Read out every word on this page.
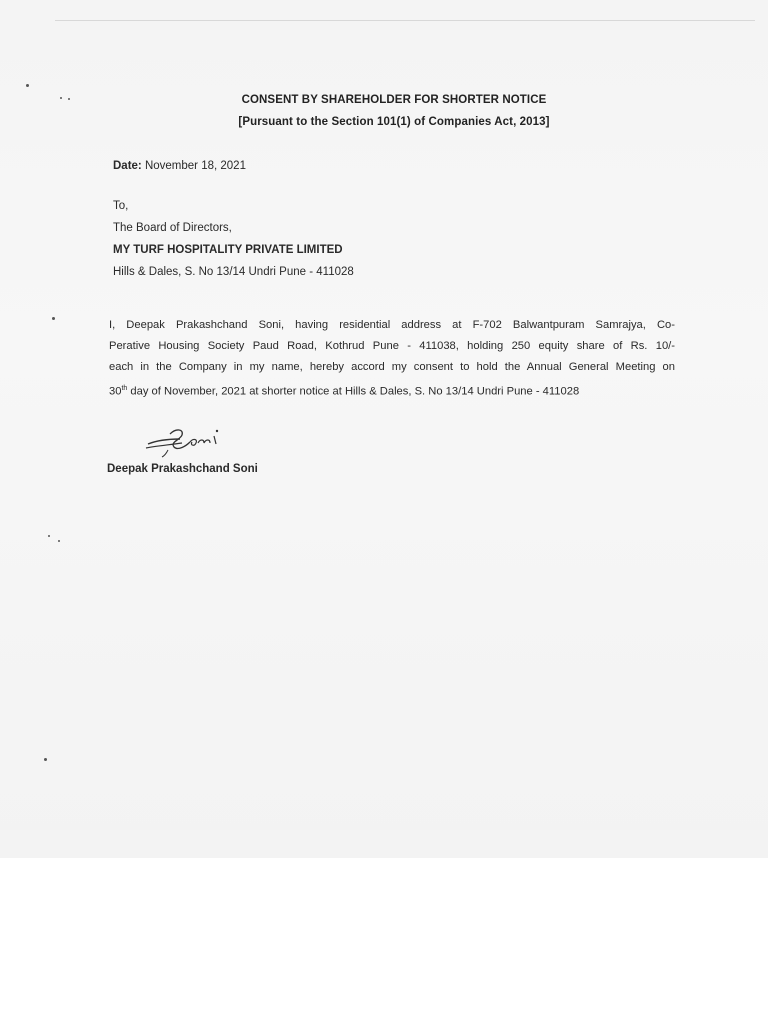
CONSENT BY SHAREHOLDER FOR SHORTER NOTICE
[Pursuant to the Section 101(1) of Companies Act, 2013]
Date: November 18, 2021
To,
The Board of Directors,
MY TURF HOSPITALITY PRIVATE LIMITED
Hills & Dales, S. No 13/14 Undri Pune - 411028
I, Deepak Prakashchand Soni, having residential address at F-702 Balwantpuram Samrajya, Co-
Perative Housing Society Paud Road, Kothrud Pune - 411038, holding 250 equity share of Rs. 10/-
each in the Company in my name, hereby accord my consent to hold the Annual General Meeting on
30th day of November, 2021 at shorter notice at Hills & Dales, S. No 13/14 Undri Pune - 411028
Soni
Deepak Prakashchand Soni
